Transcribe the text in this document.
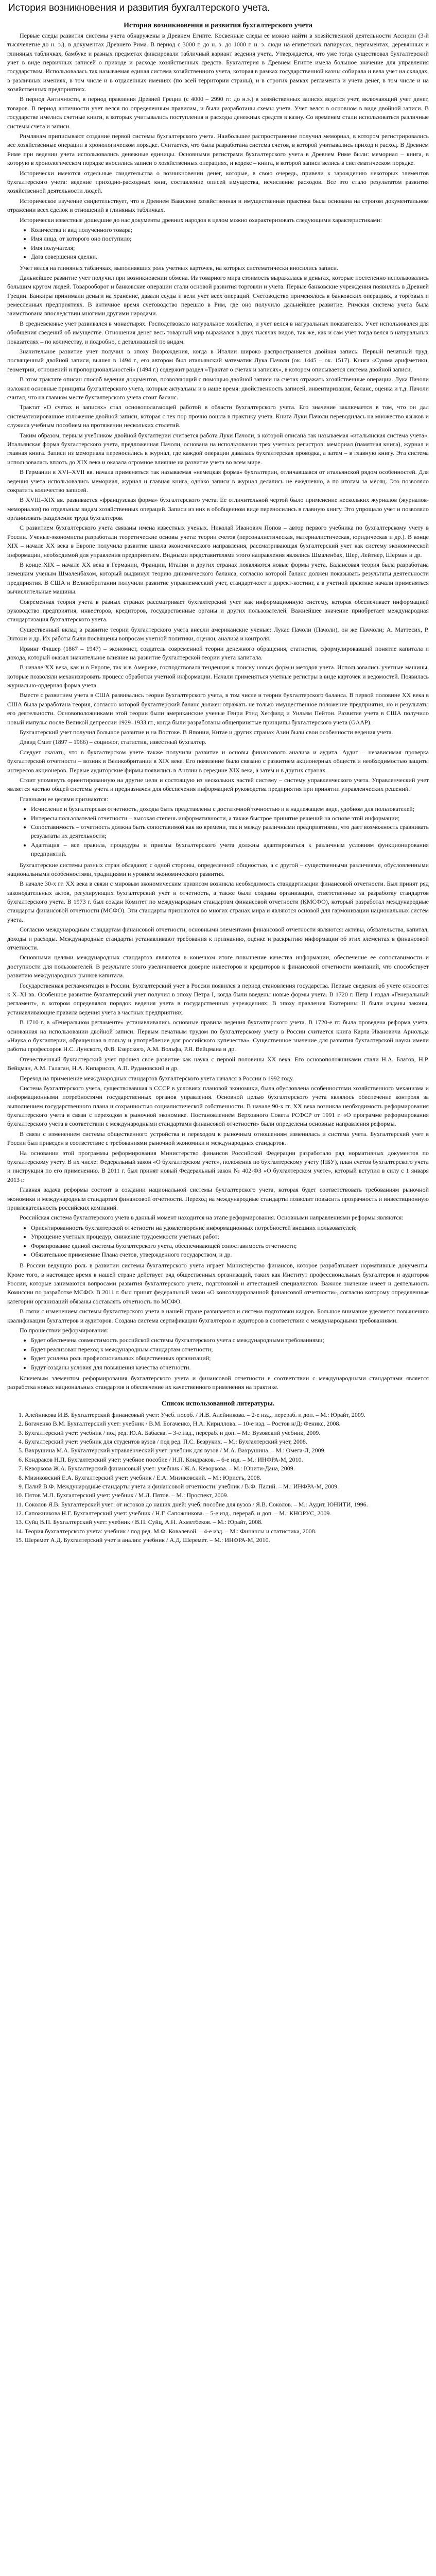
История возникновения и развития бухгалтерского учета.
История возникновения и развития бухгалтерского учета

Первые следы развития системы учета обнаружены в Древнем Египте. Косвенные следы ее можно найти в хозяйственной деятельности Ассирии (3-й тысячелетие до н. э.), в документах Древнего Рима. В период с 3000 г. до н. э. до 1000 г. н. э. люди на египетских папирусах, пергаментах, деревянных и глиняных табличках, бамбуке и разных предметах фиксировали табличный вариант ведения учета. Утверждается, что уже тогда существовал бухгалтерский учет в виде первичных записей о приходе и расходе хозяйственных средств. Бухгалтерия в Древнем Египте имела большое значение для управления государством. Использовалась так называемая единая система хозяйственного учета, которая в рамках государственной казны собирала и вела учет на складах, в различных имениях, в том числе и в отдаленных имениях (по всей территории страны), и в строгих рамках регламента и учета денег, в том числе и на хозяйственных предприятиях.

В период Античности, в период правления Древней Греции (с 4000 – 2990 гг. до н.э.) в хозяйственных записях ведется учет, включающий учет денег, товаров. В период античности учет велся по определенным правилам, и были разработаны схемы учета. Учет велся в основном в виде двойной записи. В государстве имелись счетные книги, в которых учитывались поступления и расходы денежных средств в казну. Со временем стали использоваться различные системы счета и записи.

Римлянам приписывают создание первой системы бухгалтерского учета. Наибольшее распространение получил мемориал, в котором регистрировались все хозяйственные операции в хронологическом порядке. Считается, что была разработана система счетов, в которой учитывались приход и расход. В Древнем Риме при ведении учета использовались денежные единицы. Основными регистрами бухгалтерского учета в Древнем Риме были: мемориал – книга, в которую в хронологическом порядке вносились записи о хозяйственных операциях, и кодекс – книга, в которой записи велись в систематическом порядке.

Исторически имеются отдельные свидетельства о возникновении денег, которые, в свою очередь, привели к зарождению некоторых элементов бухгалтерского учета: ведение приходно-расходных книг, составление описей имущества, исчисление расходов. Все это стало результатом развития хозяйственной деятельности людей.

Историческое изучение свидетельствует, что в Древнем Вавилоне хозяйственная и имущественная практика была основана на строгом документальном отражении всех сделок и отношений в глиняных табличках.

Исторически известные дошедшие до нас документы древних народов в целом можно охарактеризовать следующими характеристиками:

• Количества и вид полученного товара;
• Имя лица, от которого оно поступило;
• Имя получателя;
• Дата совершения сделки.

Учет велся на глиняных табличках, выполнявших роль учетных карточек, на которых систематически вносились записи.

Дальнейшее развитие учет получил при возникновении обмена. Из товарного мира стоимость выражалась в деньгах, которые постепенно использовались большим кругом людей. Товарооборот и банковские операции стали основой развития торговли и учета. Первые банковские учреждения появились в Древней Греции. Банкиры принимали деньги на хранение, давали ссуды и вели учет всех операций. Счетоводство применялось в банковских операциях, в торговых и ремесленных предприятиях. В античное время счетоводство перешло в Рим, где оно получило дальнейшее развитие. Римская система учета была заимствована впоследствии многими другими народами.

В средневековье учет развивался в монастырях. Господствовало натуральное хозяйство, и учет велся в натуральных показателях. Учет использовался для обобщения сведений об имуществе. Отношения денег весь товарный мир выражался в двух тысячах видов, так же, как и сам учет тогда велся в натуральных показателях – по количеству, и подробно, с детализацией по видам.

Значительное развитие учет получил в эпоху Возрождения, когда в Италии широко распространяется двойная запись. Первый печатный труд, посвященный двойной записи, вышел в 1494 г., его автором был итальянский математик Лука Пачоли (ок. 1445 – ок. 1517). Книга «Сумма арифметики, геометрии, отношений и пропорциональностей» (1494 г.) содержит раздел «Трактат о счетах и записях», в котором описывается система двойной записи.

В этом трактате описан способ ведения документов, позволяющий с помощью двойной записи на счетах отражать хозяйственные операции. Лука Пачоли изложил основные принципы бухгалтерского учета, которые актуальны и в наше время: двойственность записей, инвентаризация, баланс, оценка и т.д. Пачоли считал, что на главном месте бухгалтерского учета стоит баланс.

Трактат «О счетах и записях» стал основополагающей работой в области бухгалтерского учета. Его значение заключается в том, что он дал систематизированное изложение двойной записи, которая с тех пор прочно вошла в практику учета. Книга Луки Пачоли переводилась на множество языков и служила учебным пособием на протяжении нескольких столетий.

Таким образом, первым учебником двойной бухгалтерии считается работа Луки Пачоли, в которой описана так называемая «итальянская система учета». Итальянская форма бухгалтерского учета, предложенная Пачоли, основана на использовании трех учетных регистров: мемориал (памятная книга), журнал и главная книга. Записи из мемориала переносились в журнал, где каждой операции давалась бухгалтерская проводка, а затем – в главную книгу. Эта система использовалась вплоть до XIX века и оказала огромное влияние на развитие учета во всем мире.

В Германии в XVI–XVII вв. начала применяться так называемая «немецкая форма» бухгалтерии, отличавшаяся от итальянской рядом особенностей. Для ведения учета использовались мемориал, журнал и главная книга, однако записи в журнал делались не ежедневно, а по итогам за месяц. Это позволяло сократить количество записей.

В XVIII–XIX вв. развивается «французская форма» бухгалтерского учета. Ее отличительной чертой было применение нескольких журналов (журналов-мемориалов) по отдельным видам хозяйственных операций. Записи из них в обобщенном виде переносились в главную книгу. Это упрощало учет и позволяло организовать разделение труда бухгалтеров.

С развитием бухгалтерского учета связаны имена известных ученых. Николай Иванович Попов – автор первого учебника по бухгалтерскому учету в России. Ученые-экономисты разработали теоретические основы учета: теории счетов (персоналистическая, материалистическая, юридическая и др.). В конце XIX – начале XX века в Европе получила развитие школа экономического направления, рассматривающая бухгалтерский учет как систему экономической информации, необходимой для управления предприятием. Видными представителями этого направления являлись Шмаленбах, Шер, Лейтнер, Шерман и др.

В конце XIX – начале XX века в Германии, Франции, Италии и других странах появляются новые формы учета. Балансовая теория была разработана немецким ученым Шмаленбахом, который выдвинул теорию динамического баланса, согласно которой баланс должен показывать результаты деятельности предприятия. В США и Великобритании получили развитие управленческий учет, стандарт-кост и директ-костинг, а в учетной практике начали применяться вычислительные машины.

Современная теория учета в разных странах рассматривает бухгалтерский учет как информационную систему, которая обеспечивает информацией руководство предприятия, инвесторов, кредиторов, государственные органы и других пользователей. Важнейшее значение приобретает международная стандартизация бухгалтерского учета.

Существенный вклад в развитие теории бухгалтерского учета внесли американские ученые: Лукас Пачоли (Пачоли), он же Паччоли; А. Маттесих, Р. Энтони и др. Их работы были посвящены вопросам учетной политики, оценки, анализа и контроля.

Ирвинг Фишер (1867 – 1947) – экономист, создатель современной теории денежного обращения, статистик, сформулировавший понятие капитала и дохода, который оказал значительное влияние на развитие бухгалтерской теории учета капитала.

В начале XX века, как и в Европе, так и в Америке, господствовала тенденция к поиску новых форм и методов учета. Использовались учетные машины, которые позволяли механизировать процесс обработки учетной информации. Начали применяться учетные регистры в виде карточек и ведомостей. Появилась журнально-ордерная форма учета.

Вместе с развитием учета в США развивались теории бухгалтерского учета, в том числе и теории бухгалтерского баланса. В первой половине XX века в США была разработана теория, согласно которой бухгалтерский баланс должен отражать не только имущественное положение предприятия, но и результаты его деятельности. Основоположниками этой теории были американские ученые Генри Рэнд Хетфилд и Уильям Пейтон. Развитие учета в США получило новый импульс после Великой депрессии 1929–1933 гг., когда были разработаны общепринятые принципы бухгалтерского учета (GAAP).

Бухгалтерский учет получил большое развитие и на Востоке. В Японии, Китае и других странах Азии были свои особенности ведения учета.

Дэвид Смит (1897 – 1966) – социолог, статистик, известный бухгалтер.

Следует сказать, что в бухгалтерском учете также получили развитие и основы финансового анализа и аудита. Аудит – независимая проверка бухгалтерской отчетности – возник в Великобритании в XIX веке. Его появление было связано с развитием акционерных обществ и необходимостью защиты интересов акционеров. Первые аудиторские фирмы появились в Англии в середине XIX века, а затем и в других странах.

Стоит упомянуть ориентированную на другие цели и состоящую из нескольких частей систему – систему управленческого учета. Управленческий учет является частью общей системы учета и предназначен для обеспечения информацией руководства предприятия при принятии управленческих решений.

Главными ее целями признаются:

• Исчисление и бухгалтерская отчетность, доходы быть представлены с достаточной точностью и в надлежащем виде, удобном для пользователей;
• Интересы пользователей отчетности – высокая степень информативности, а также быстрое принятие решений на основе этой информации;
• Сопоставимость – отчетность должна быть сопоставимой как во времени, так и между различными предприятиями, что дает возможность сравнивать результаты их деятельности;
• Адаптация – все правила, процедуры и приемы бухгалтерского учета должны адаптироваться к различным условиям функционирования предприятий.

Бухгалтерские системы разных стран обладают, с одной стороны, определенной общностью, а с другой – существенными различиями, обусловленными национальными особенностями, традициями и уровнем экономического развития.

В начале 30-х гг. XX века в связи с мировым экономическим кризисом возникла необходимость стандартизации финансовой отчетности. Был принят ряд законодательных актов, регулирующих бухгалтерский учет и отчетность, а также были созданы организации, ответственные за разработку стандартов бухгалтерского учета. В 1973 г. был создан Комитет по международным стандартам финансовой отчетности (КМСФО), который разработал международные стандарты финансовой отчетности (МСФО). Эти стандарты признаются во многих странах мира и являются основой для гармонизации национальных систем учета.

Согласно международным стандартам финансовой отчетности, основными элементами финансовой отчетности являются: активы, обязательства, капитал, доходы и расходы. Международные стандарты устанавливают требования к признанию, оценке и раскрытию информации об этих элементах в финансовой отчетности.

Основными целями международных стандартов являются в конечном итоге повышение качества информации, обеспечение ее сопоставимости и доступности для пользователей. В результате этого увеличивается доверие инвесторов и кредиторов к финансовой отчетности компаний, что способствует развитию международных рынков капитала.

Государственная регламентация в России. Бухгалтерский учет в России появился в период становления государства. Первые сведения об учете относятся к X–XI вв. Особенное развитие бухгалтерский учет получил в эпоху Петра I, когда были введены новые формы учета. В 1720 г. Петр I издал «Генеральный регламент», в котором определялся порядок ведения учета в государственных учреждениях. В эпоху правления Екатерины II были изданы законы, устанавливающие правила ведения учета в частных предприятиях.

В 1710 г. в «Генеральном регламенте» устанавливались основные правила ведения бухгалтерского учета. В 1720-е гг. была проведена реформа учета, основанная на использовании двойной записи. Первым печатным трудом по бухгалтерскому учету в России считается книга Карла Ивановича Арнольда «Наука о бухгалтерии, обращенная в пользу и употребление для российского купечества». Существенное значение для развития бухгалтерской науки имели работы профессоров Н.С. Лунского, Ф.В. Езерского, А.М. Вольфа, Р.Я. Вейцмана и др.

Отечественный бухгалтерский учет прошел свое развитие как наука с первой половины XX века. Его основоположниками стали Н.А. Блатов, Н.Р. Вейцман, А.М. Галаган, Н.А. Кипарисов, А.П. Рудановский и др.

Переход на применение международных стандартов бухгалтерского учета начался в России в 1992 году.

Система бухгалтерского учета, существовавшая в СССР в условиях плановой экономики, была обусловлена особенностями хозяйственного механизма и информационными потребностями государственных органов управления. Основной целью бухгалтерского учета являлось обеспечение контроля за выполнением государственного плана и сохранностью социалистической собственности. В начале 90-х гг. XX века возникла необходимость реформирования бухгалтерского учета в связи с переходом к рыночной экономике. Постановлением Верховного Совета РСФСР от 1991 г. «О программе реформирования бухгалтерского учета в соответствии с международными стандартами финансовой отчетности» были определены основные направления реформы.

В связи с изменением системы общественного устройства и переходом к рыночным отношениям изменилась и система учета. Бухгалтерский учет в России был приведен в соответствие с требованиями рыночной экономики и международных стандартов.

На основании этой программы реформирования Министерство финансов Российской Федерации разработало ряд нормативных документов по бухгалтерскому учету. В их числе: Федеральный закон «О бухгалтерском учете», положения по бухгалтерскому учету (ПБУ), план счетов бухгалтерского учета и инструкция по его применению. В 2011 г. был принят новый Федеральный закон № 402-ФЗ «О бухгалтерском учете», который вступил в силу с 1 января 2013 г.

Главная задача реформы состоит в создании национальной системы бухгалтерского учета, которая будет соответствовать требованиям рыночной экономики и международным стандартам финансовой отчетности. Переход на международные стандарты позволит повысить прозрачность и инвестиционную привлекательность российских компаний.

Российская система бухгалтерского учета в данный момент находится на этапе реформирования. Основными направлениями реформы являются:

• Ориентированность бухгалтерской отчетности на удовлетворение информационных потребностей внешних пользователей;
• Упрощение учетных процедур, снижение трудоемкости учетных работ;
• Формирование единой системы бухгалтерского учета, обеспечивающей сопоставимость отчетности;
• Обязательное применение Плана счетов, утвержденного государством, и др.

В России ведущую роль в развитии системы бухгалтерского учета играет Министерство финансов, которое разрабатывает нормативные документы. Кроме того, в настоящее время в нашей стране действует ряд общественных организаций, таких как Институт профессиональных бухгалтеров и аудиторов России, которые занимаются вопросами развития бухгалтерского учета, подготовкой и аттестацией специалистов. Важное значение имеет и деятельность Комиссии по разработке МСФО. В 2011 г. был принят федеральный закон «О консолидированной финансовой отчетности», согласно которому определенные категории организаций обязаны составлять отчетность по МСФО.

В связи с изменением системы бухгалтерского учета в нашей стране развивается и система подготовки кадров. Большое внимание уделяется повышению квалификации бухгалтеров и аудиторов. Создана система сертификации бухгалтеров и аудиторов в соответствии с международными требованиями.

По прошествии реформирования:

• Будет обеспечена совместимость российской системы бухгалтерского учета с международными требованиями;
• Будет реализован переход к международным стандартам отчетности;
• Будет усилена роль профессиональных общественных организаций;
• Будут созданы условия для повышения качества отчетности.

Ключевым элементом реформирования бухгалтерского учета и финансовой отчетности в соответствии с международными стандартами является разработка новых национальных стандартов и обеспечение их качественного применения на практике.

Список использованной литературы.
1. Алейникова И.В. Бухгалтерский финансовый учет: Учеб. пособ. / И.В. Алейникова. – 2-е изд., перераб. и доп. – М.: Юрайт, 2009.
2. Богаченко В.М. Бухгалтерский учет: учебник / В.М. Богаченко, Н.А. Кириллова. – 10-е изд. – Ростов н/Д: Феникс, 2008.
3. Бухгалтерский учет: учебник / под ред. Ю.А. Бабаева. – 3-е изд., перераб. и доп. – М.: Вузовский учебник, 2009.
4. Бухгалтерский учет: учебник для студентов вузов / под ред. П.С. Безруких. – М.: Бухгалтерский учет, 2008.
5. Вахрушина М.А. Бухгалтерский управленческий учет: учебник для вузов / М.А. Вахрушина. – М.: Омега-Л, 2009.
6. Кондраков Н.П. Бухгалтерский учет: учебное пособие / Н.П. Кондраков. – 6-е изд. – М.: ИНФРА-М, 2010.
7. Кеворкова Ж.А. Бухгалтерский финансовый учет: учебник / Ж.А. Кеворкова. – М.: Юнити-Дана, 2009.
8. Мизиковский Е.А. Бухгалтерский учет: учебник / Е.А. Мизиковский. – М.: Юристъ, 2008.
9. Палий В.Ф. Международные стандарты учета и финансовой отчетности: учебник / В.Ф. Палий. – М.: ИНФРА-М, 2009.
10. Пятов М.Л. Бухгалтерский учет: учебник / М.Л. Пятов. – М.: Проспект, 2009.
11. Соколов Я.В. Бухгалтерский учет: от истоков до наших дней: учеб. пособие для вузов / Я.В. Соколов. – М.: Аудит, ЮНИТИ, 1996.
12. Сапожникова Н.Г. Бухгалтерский учет: учебник / Н.Г. Сапожникова. – 5-е изд., перераб. и доп. – М.: КНОРУС, 2009.
13. Суйц В.П. Бухгалтерский учет: учебник / В.П. Суйц, А.Н. Ахметбеков. – М.: Юрайт, 2008.
14. Теория бухгалтерского учета: учебник / под ред. М.Ф. Ковалевой. – 4-е изд. – М.: Финансы и статистика, 2008.
15. Шеремет А.Д. Бухгалтерский учет и анализ: учебник / А.Д. Шеремет. – М.: ИНФРА-М, 2010.
